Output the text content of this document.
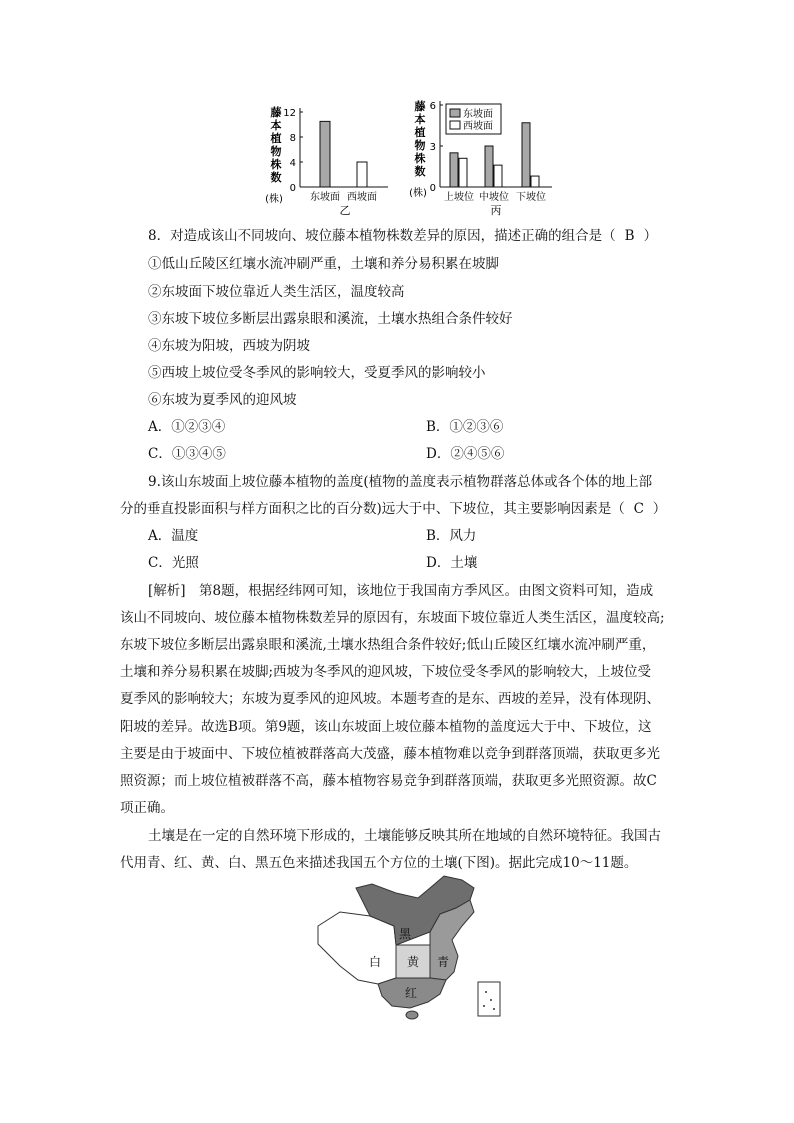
藤
本
植
物
株
数
(株)
0
4
8
12
东坡面 西坡面
乙
藤
本
植
物
株
数
(株) 0
3
6
上坡位 中坡位 下坡位
丙
东坡面
西坡面
8．对造成该山不同坡向、坡位藤本植物株数差异的原因，描述正确的组合是（ B ）
①低山丘陵区红壤水流冲刷严重，土壤和养分易积累在坡脚
②东坡面下坡位靠近人类生活区，温度较高
③东坡下坡位多断层出露泉眼和溪流，土壤水热组合条件较好
④东坡为阳坡，西坡为阴坡
⑤西坡上坡位受冬季风的影响较大，受夏季风的影响较小
⑥东坡为夏季风的迎风坡
A．①②③④	B．①②③⑥
C．①③④⑤	D．②④⑤⑥
9.该山东坡面上坡位藤本植物的盖度(植物的盖度表示植物群落总体或各个体的地上部
分的垂直投影面积与样方面积之比的百分数)远大于中、下坡位，其主要影响因素是（ C ）
A．温度	B．风力
C．光照	D．土壤
[解析]　第8题，根据经纬网可知，该地位于我国南方季风区。由图文资料可知，造成
该山不同坡向、坡位藤本植物株数差异的原因有，东坡面下坡位靠近人类生活区，温度较高;
东坡下坡位多断层出露泉眼和溪流,土壤水热组合条件较好;低山丘陵区红壤水流冲刷严重，
土壤和养分易积累在坡脚;西坡为冬季风的迎风坡，下坡位受冬季风的影响较大，上坡位受
夏季风的影响较大；东坡为夏季风的迎风坡。本题考查的是东、西坡的差异，没有体现阴、
阳坡的差异。故选B项。第9题，该山东坡面上坡位藤本植物的盖度远大于中、下坡位，这
主要是由于坡面中、下坡位植被群落高大茂盛，藤本植物难以竞争到群落顶端，获取更多光
照资源；而上坡位植被群落不高，藤本植物容易竞争到群落顶端，获取更多光照资源。故C
项正确。
土壤是在一定的自然环境下形成的，土壤能够反映其所在地域的自然环境特征。我国古
代用青、红、黄、白、黑五色来描述我国五个方位的土壤(下图)。据此完成10～11题。
黑
白 黄 青
红
